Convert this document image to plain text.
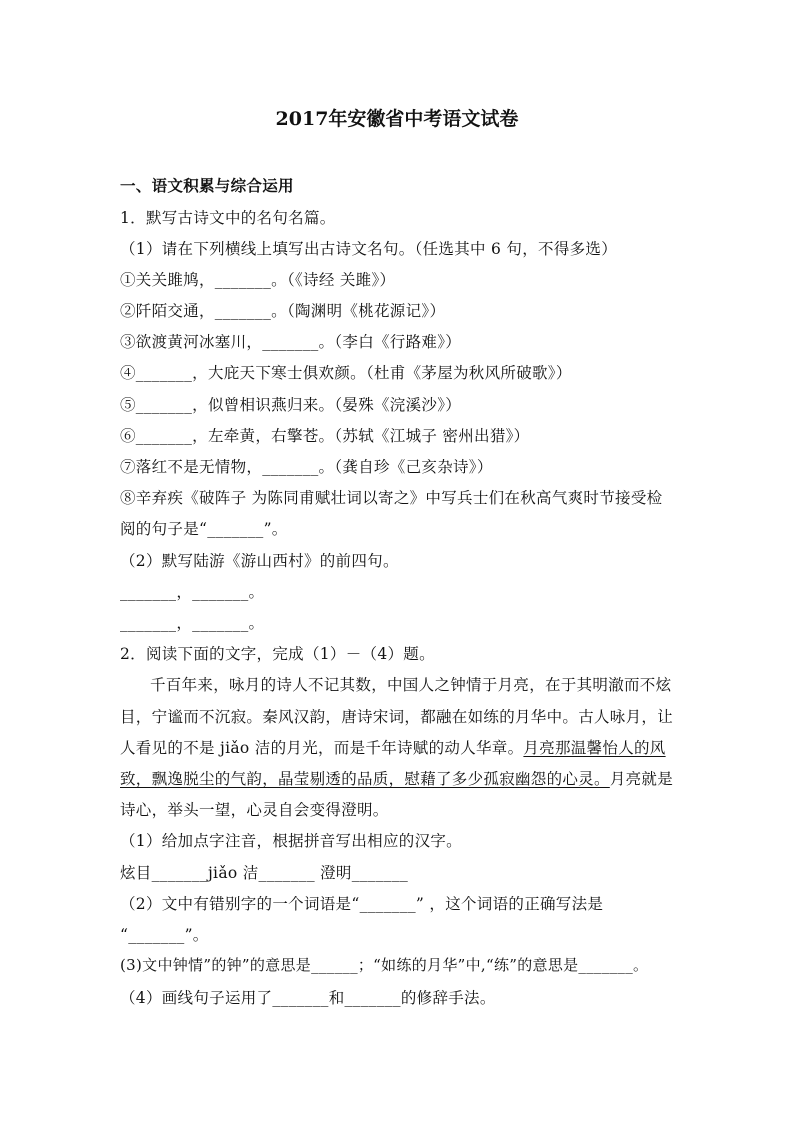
2017年安徽省中考语文试卷
一、语文积累与综合运用
1．默写古诗文中的名句名篇。
（1）请在下列横线上填写出古诗文名句。（任选其中 6 句，不得多选）
①关关雎鸠，_______。（《诗经 关雎》）
②阡陌交通，_______。（陶渊明《桃花源记》）
③欲渡黄河冰塞川，_______。（李白《行路难》）
④_______，大庇天下寒士俱欢颜。（杜甫《茅屋为秋风所破歌》）
⑤_______，似曾相识燕归来。（晏殊《浣溪沙》）
⑥_______，左牵黄，右擎苍。（苏轼《江城子 密州出猎》）
⑦落红不是无情物，_______。（龚自珍《己亥杂诗》）
⑧辛弃疾《破阵子 为陈同甫赋壮词以寄之》中写兵士们在秋高气爽时节接受检
阅的句子是“_______”。
（2）默写陆游《游山西村》的前四句。
_______，_______。
_______，_______。
2．阅读下面的文字，完成（1）－（4）题。
千百年来，咏月的诗人不记其数，中国人之钟情于月亮，在于其明澈而不炫
目，宁谧而不沉寂。秦风汉韵，唐诗宋词，都融在如练的月华中。古人咏月，让
人看见的不是 jiǎo 洁的月光，而是千年诗赋的动人华章。月亮那温馨怡人的风
致，飘逸脱尘的气韵，晶莹剔透的品质，慰藉了多少孤寂幽怨的心灵。月亮就是
诗心，举头一望，心灵自会变得澄明。
（1）给加点字注音，根据拼音写出相应的汉字。
炫目_______jiǎo 洁_______ 澄明_______
（2）文中有错别字的一个词语是“_______” ，这个词语的正确写法是
“_______”。
(3)文中钟情”的钟”的意思是______；“如练的月华”中,“练”的意思是_______。
（4）画线句子运用了_______和_______的修辞手法。
